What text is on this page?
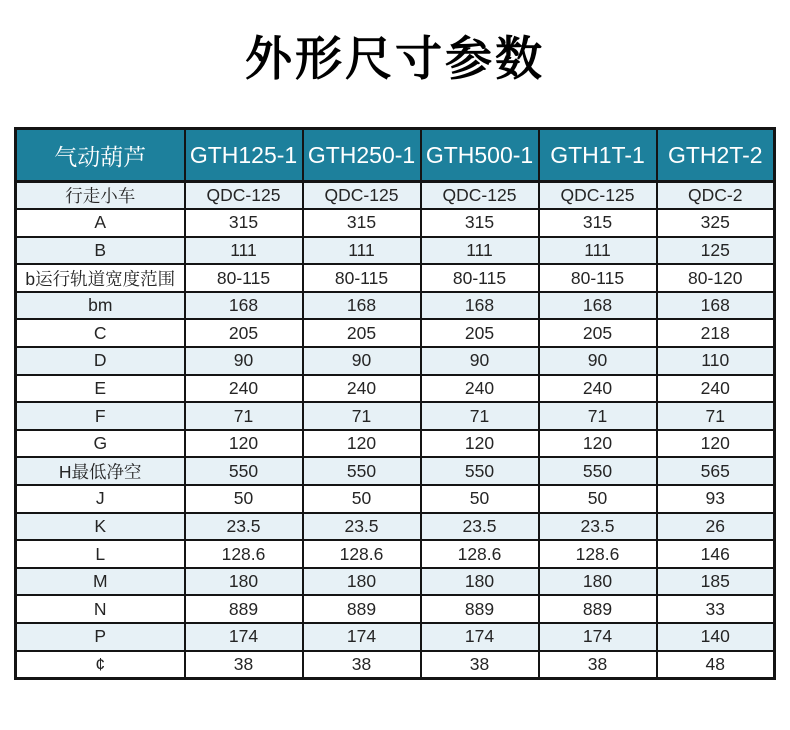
外形尺寸参数
气动葫芦	GTH125-1	GTH250-1	GTH500-1	GTH1T-1	GTH2T-2
行走小车	QDC-125	QDC-125	QDC-125	QDC-125	QDC-2
A	315	315	315	315	325
B	111	111	111	111	125
b运行轨道宽度范围	80-115	80-115	80-115	80-115	80-120
bm	168	168	168	168	168
C	205	205	205	205	218
D	90	90	90	90	110
E	240	240	240	240	240
F	71	71	71	71	71
G	120	120	120	120	120
H最低净空	550	550	550	550	565
J	50	50	50	50	93
K	23.5	23.5	23.5	23.5	26
L	128.6	128.6	128.6	128.6	146
M	180	180	180	180	185
N	889	889	889	889	33
P	174	174	174	174	140
¢	38	38	38	38	48
